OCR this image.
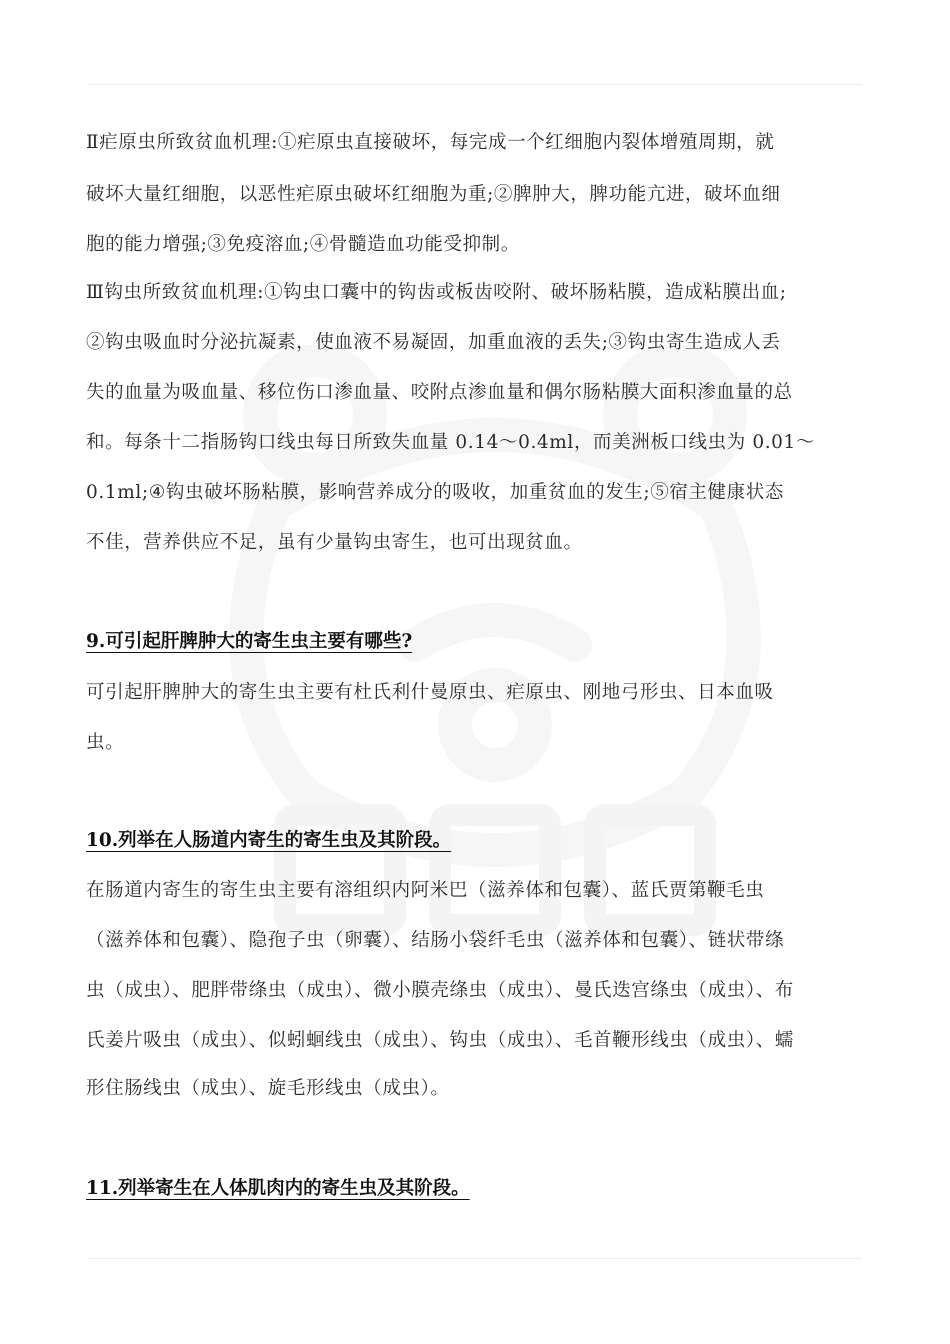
Ⅱ疟原虫所致贫血机理:①疟原虫直接破坏，每完成一个红细胞内裂体增殖周期，就

破坏大量红细胞，以恶性疟原虫破坏红细胞为重;②脾肿大，脾功能亢进，破坏血细

胞的能力增强;③免疫溶血;④骨髓造血功能受抑制。

Ⅲ钩虫所致贫血机理:①钩虫口囊中的钩齿或板齿咬附、破坏肠粘膜，造成粘膜出血;

②钩虫吸血时分泌抗凝素，使血液不易凝固，加重血液的丢失;③钩虫寄生造成人丢

失的血量为吸血量、移位伤口渗血量、咬附点渗血量和偶尔肠粘膜大面积渗血量的总

和。每条十二指肠钩口线虫每日所致失血量 0.14～0.4ml，而美洲板口线虫为 0.01～

0.1ml;④钩虫破坏肠粘膜，影响营养成分的吸收，加重贫血的发生;⑤宿主健康状态

不佳，营养供应不足，虽有少量钩虫寄生，也可出现贫血。

9.可引起肝脾肿大的寄生虫主要有哪些?

可引起肝脾肿大的寄生虫主要有杜氏利什曼原虫、疟原虫、刚地弓形虫、日本血吸

虫。

10.列举在人肠道内寄生的寄生虫及其阶段。

在肠道内寄生的寄生虫主要有溶组织内阿米巴（滋养体和包囊）、蓝氏贾第鞭毛虫

（滋养体和包囊）、隐孢子虫（卵囊）、结肠小袋纤毛虫（滋养体和包囊）、链状带绦

虫（成虫）、肥胖带绦虫（成虫）、微小膜壳绦虫（成虫）、曼氏迭宫绦虫（成虫）、布

氏姜片吸虫（成虫）、似蚓蛔线虫（成虫）、钩虫（成虫）、毛首鞭形线虫（成虫）、蠕

形住肠线虫（成虫）、旋毛形线虫（成虫）。

11.列举寄生在人体肌肉内的寄生虫及其阶段。
